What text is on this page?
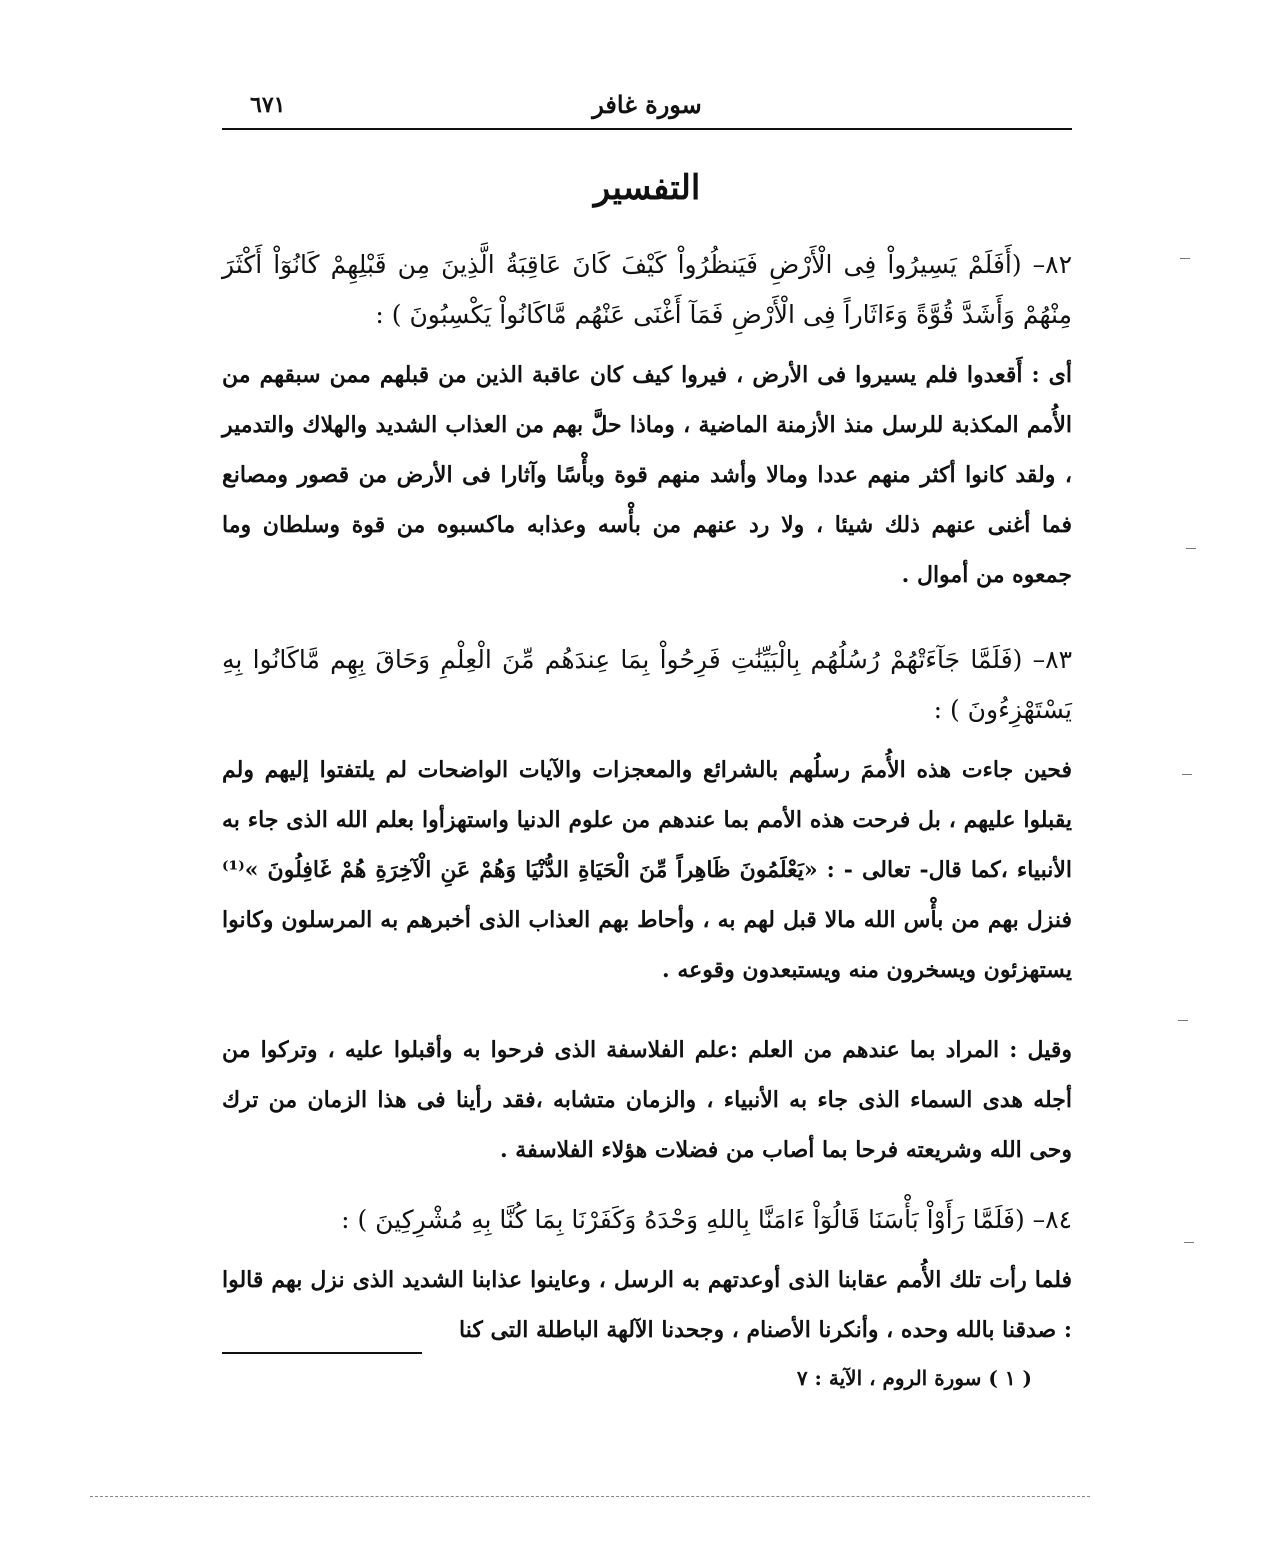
سورة غافر
٦٧١
التفسير
٨٢– (أَفَلَمْ يَسِيرُواْ فِى الْأَرْضِ فَيَنظُرُواْ كَيْفَ كَانَ عَاقِبَةُ الَّذِينَ مِن قَبْلِهِمْ كَانُوٓاْ أَكْثَرَ مِنْهُمْ وَأَشَدَّ قُوَّةً وَءَاثَاراً فِى الْأَرْضِ فَمَآ أَغْنَى عَنْهُم مَّاكَانُواْ يَكْسِبُونَ ) :
أى : أَقعدوا فلم يسيروا فى الأرض ، فيروا كيف كان عاقبة الذين من قبلهم ممن سبقهم من الأُمم المكذبة للرسل منذ الأزمنة الماضية ، وماذا حلَّ بهم من العذاب الشديد والهلاك والتدمير ، ولقد كانوا أكثر منهم عددا ومالا وأشد منهم قوة وبأْسًا وآثارا فى الأرض من قصور ومصانع فما أغنى عنهم ذلك شيئا ، ولا رد عنهم من بأْسه وعذابه ماكسبوه من قوة وسلطان وما جمعوه من أموال .
٨٣– (فَلَمَّا جَآءَتْهُمْ رُسُلُهُم بِالْبَيِّنَٰتِ فَرِحُواْ بِمَا عِندَهُم مِّنَ الْعِلْمِ وَحَاقَ بِهِم مَّاكَانُوا بِهِ يَسْتَهْزِءُونَ ) :
فحين جاءت هذه الأُممَ رسلُهم بالشرائع والمعجزات والآيات الواضحات لم يلتفتوا إليهم ولم يقبلوا عليهم ، بل فرحت هذه الأمم بما عندهم من علوم الدنيا واستهزأوا بعلم الله الذى جاء به الأنبياء ،كما قال- تعالى - : «يَعْلَمُونَ ظَاهِراً مِّنَ الْحَيَاةِ الدُّنْيَا وَهُمْ عَنِ الْآخِرَةِ هُمْ غَافِلُونَ »⁽¹⁾ فنزل بهم من بأْس الله مالا قبل لهم به ، وأحاط بهم العذاب الذى أخبرهم به المرسلون وكانوا يستهزئون ويسخرون منه ويستبعدون وقوعه .
وقيل : المراد بما عندهم من العلم :علم الفلاسفة الذى فرحوا به وأقبلوا عليه ، وتركوا من أجله هدى السماء الذى جاء به الأنبياء ، والزمان متشابه ،فقد رأينا فى هذا الزمان من ترك وحى الله وشريعته فرحا بما أصاب من فضلات هؤلاء الفلاسفة .
٨٤– (فَلَمَّا رَأَوْاْ بَأْسَنَا قَالُوٓاْ ءَامَنَّا بِاللهِ وَحْدَهُ وَكَفَرْنَا بِمَا كُنَّا بِهِ مُشْرِكِينَ ) :
فلما رأت تلك الأُمم عقابنا الذى أوعدتهم به الرسل ، وعاينوا عذابنا الشديد الذى نزل بهم قالوا : صدقنا بالله وحده ، وأنكرنا الأصنام ، وجحدنا الآلهة الباطلة التى كنا
( ١ ) سورة الروم ، الآية : ٧
